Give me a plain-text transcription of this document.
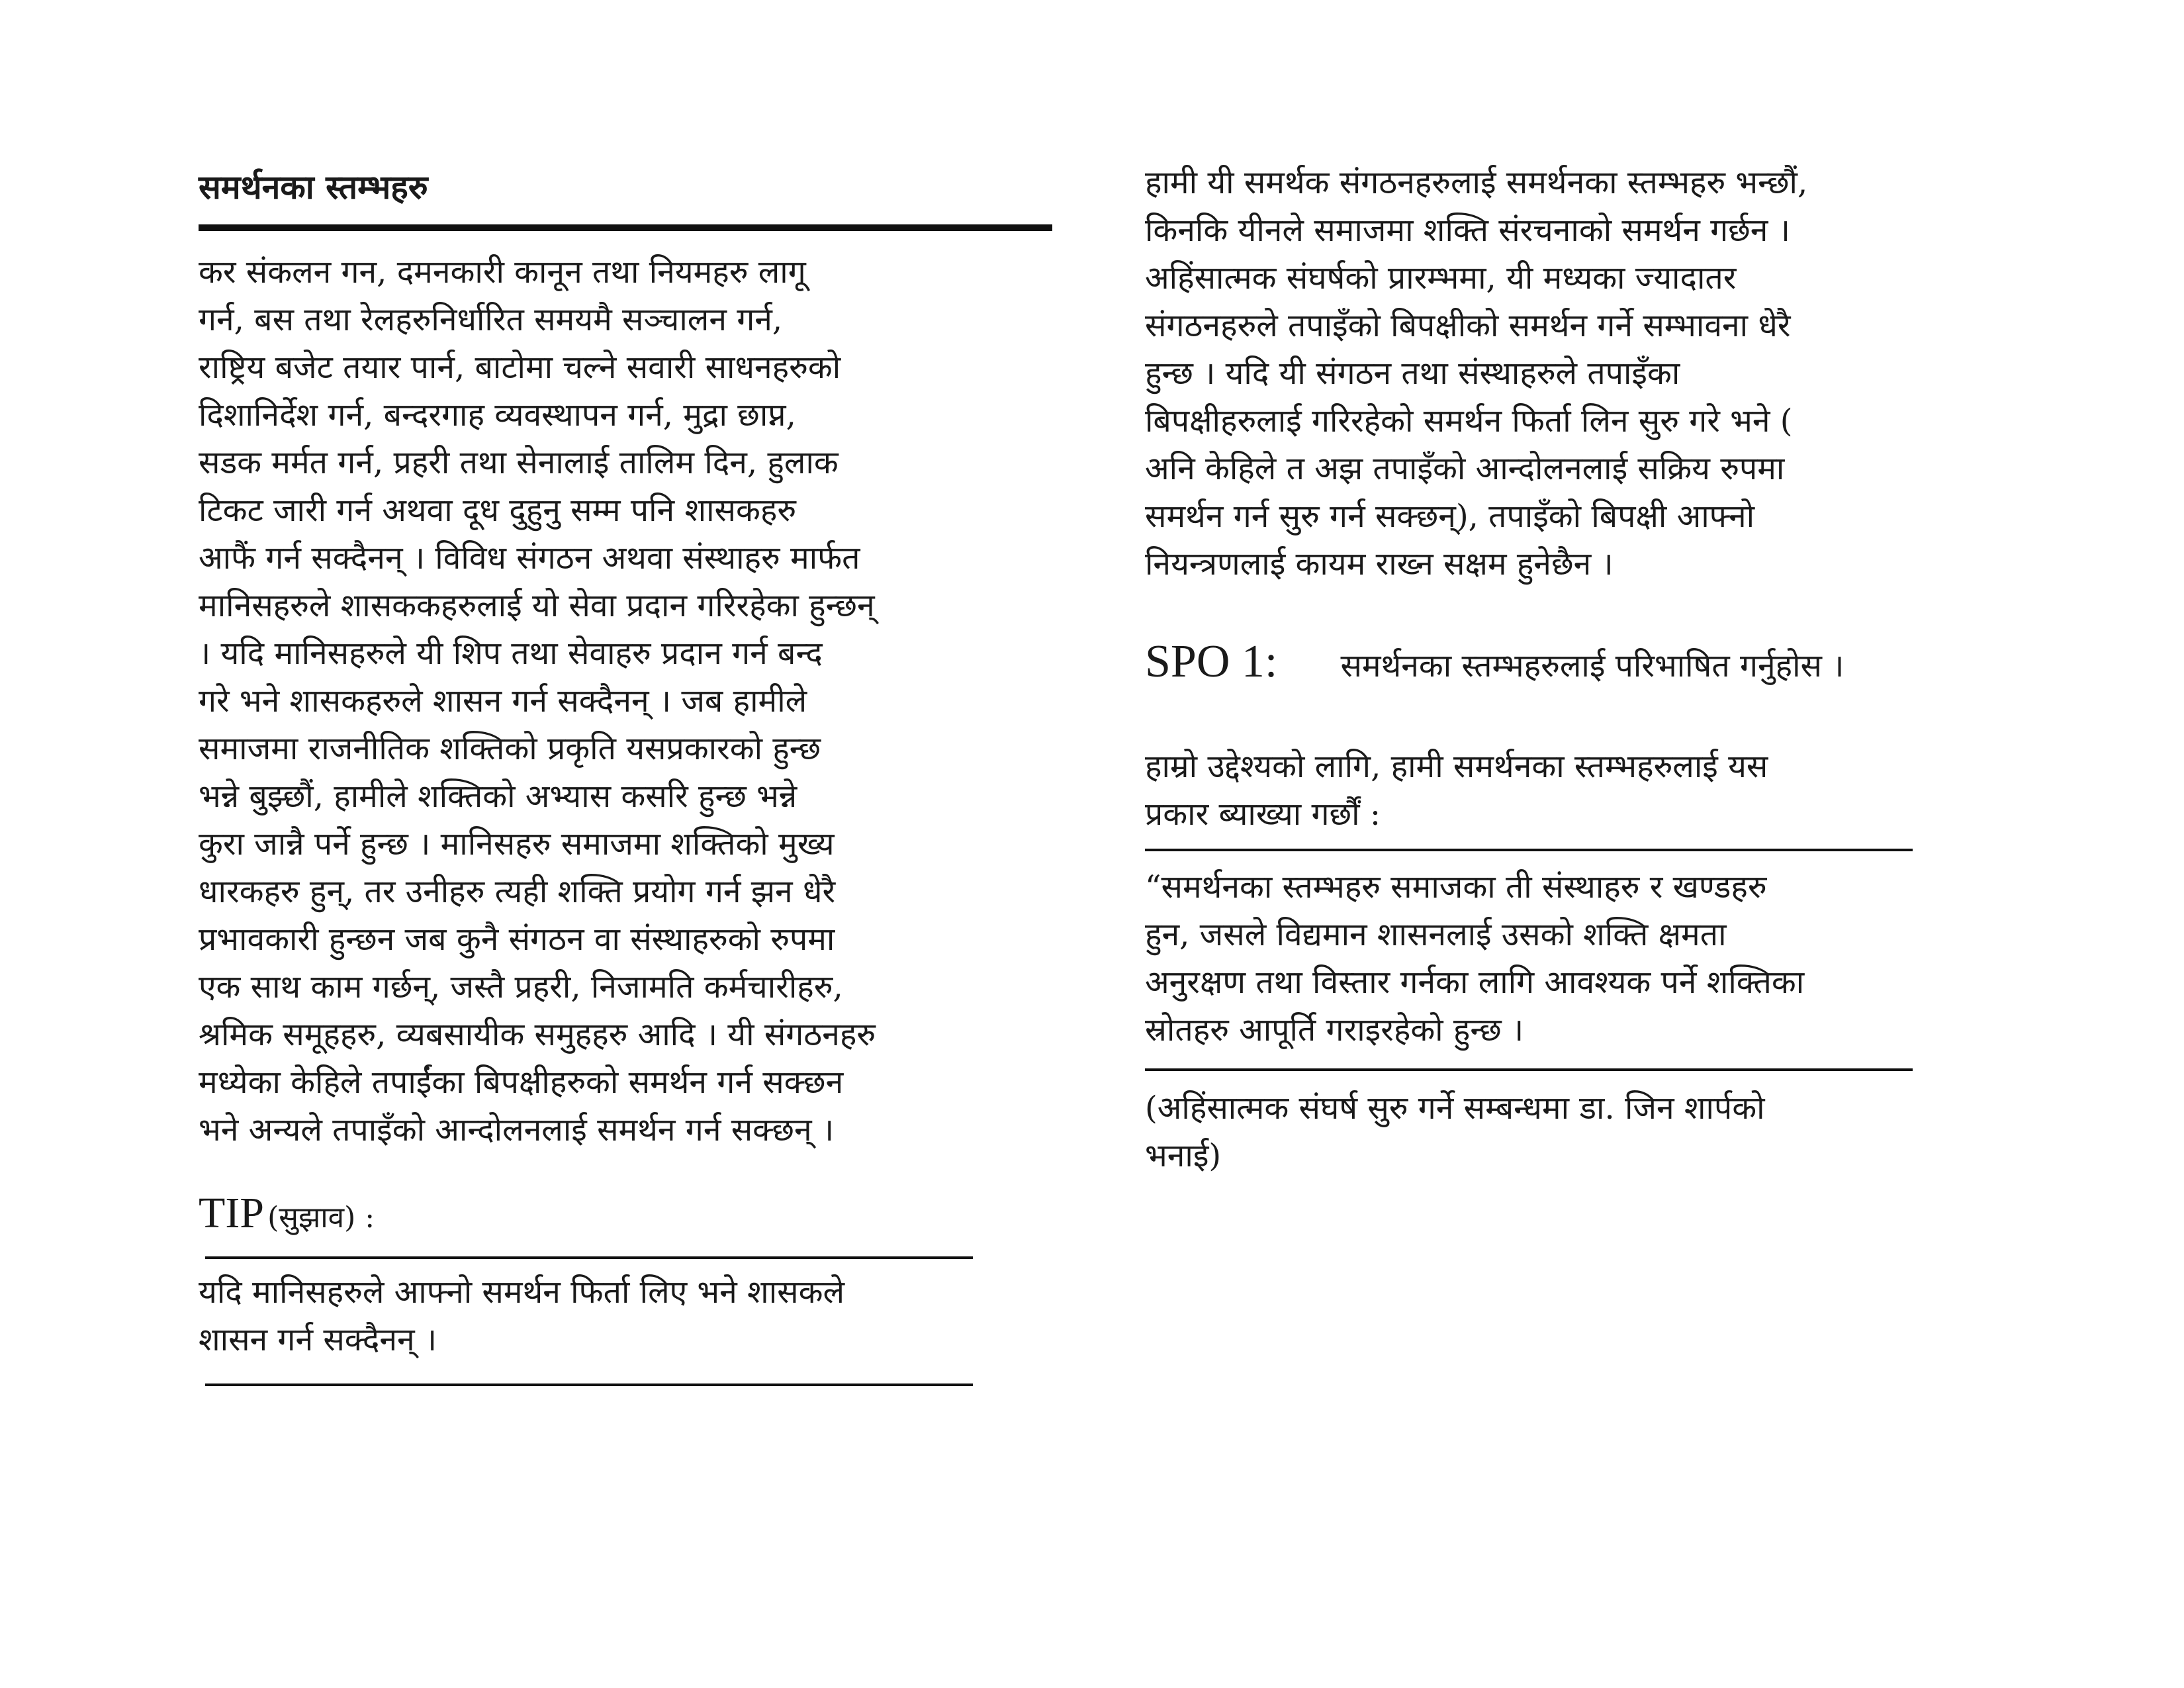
समर्थनका स्तम्भहरु

कर संकलन गन, दमनकारी कानून तथा नियमहरु लागू
गर्न, बस तथा रेलहरुनिर्धारित समयमै सञ्चालन गर्न,
राष्ट्रिय बजेट तयार पार्न, बाटोमा चल्ने सवारी साधनहरुको
दिशानिर्देश गर्न, बन्दरगाह व्यवस्थापन गर्न, मुद्रा छाप्न,
सडक मर्मत गर्न, प्रहरी तथा सेनालाई तालिम दिन, हुलाक
टिकट जारी गर्न अथवा दूध दुहुनु सम्म पनि शासकहरु
आफैं गर्न सक्दैनन् । विविध संगठन अथवा संस्थाहरु मार्फत
मानिसहरुले शासककहरुलाई यो सेवा प्रदान गरिरहेका हुन्छन्
। यदि मानिसहरुले यी शिप तथा सेवाहरु प्रदान गर्न बन्द
गरे भने शासकहरुले शासन गर्न सक्दैनन् । जब हामीले
समाजमा राजनीतिक शक्तिको प्रकृति यसप्रकारको हुन्छ
भन्ने बुझ्छौं, हामीले शक्तिको अभ्यास कसरि हुन्छ भन्ने
कुरा जान्नै पर्ने हुन्छ । मानिसहरु समाजमा शक्तिको मुख्य
धारकहरु हुन्, तर उनीहरु त्यही शक्ति प्रयोग गर्न झन धेरै
प्रभावकारी हुन्छन जब कुनै संगठन वा संस्थाहरुको रुपमा
एक साथ काम गर्छन्, जस्तै प्रहरी, निजामति कर्मचारीहरु,
श्रमिक समूहहरु, व्यबसायीक समुहहरु आदि । यी संगठनहरु
मध्येका केहिले तपाईंका बिपक्षीहरुको समर्थन गर्न सक्छन
भने अन्यले तपाइँको आन्दोलनलाई समर्थन गर्न सक्छन् ।

TIP (सुझाव) :

यदि मानिसहरुले आफ्नो समर्थन फिर्ता लिए भने शासकले
शासन गर्न सक्दैनन् ।

हामी यी समर्थक संगठनहरुलाई समर्थनका स्तम्भहरु भन्छौं,
किनकि यीनले समाजमा शक्ति संरचनाको समर्थन गर्छन ।
अहिंसात्मक संघर्षको प्रारम्भमा, यी मध्यका ज्यादातर
संगठनहरुले तपाइँको बिपक्षीको समर्थन गर्ने सम्भावना धेरै
हुन्छ । यदि यी संगठन तथा संस्थाहरुले तपाइँका
बिपक्षीहरुलाई गरिरहेको समर्थन फिर्ता लिन सुरु गरे भने (
अनि केहिले त अझ तपाइँको आन्दोलनलाई सक्रिय रुपमा
समर्थन गर्न सुरु गर्न सक्छन्), तपाइँको बिपक्षी आफ्नो
नियन्त्रणलाई कायम राख्न सक्षम हुनेछैन ।

SPO 1: समर्थनका स्तम्भहरुलाई परिभाषित गर्नुहोस ।

हाम्रो उद्देश्यको लागि, हामी समर्थनका स्तम्भहरुलाई यस
प्रकार ब्याख्या गर्छौं :

“समर्थनका स्तम्भहरु समाजका ती संस्थाहरु र खण्डहरु
हुन, जसले विद्यमान शासनलाई उसको शक्ति क्षमता
अनुरक्षण तथा विस्तार गर्नका लागि आवश्यक पर्ने शक्तिका
स्रोतहरु आपूर्ति गराइरहेको हुन्छ ।

(अहिंसात्मक संघर्ष सुरु गर्ने सम्बन्धमा डा. जिन शार्पको
भनाई)
